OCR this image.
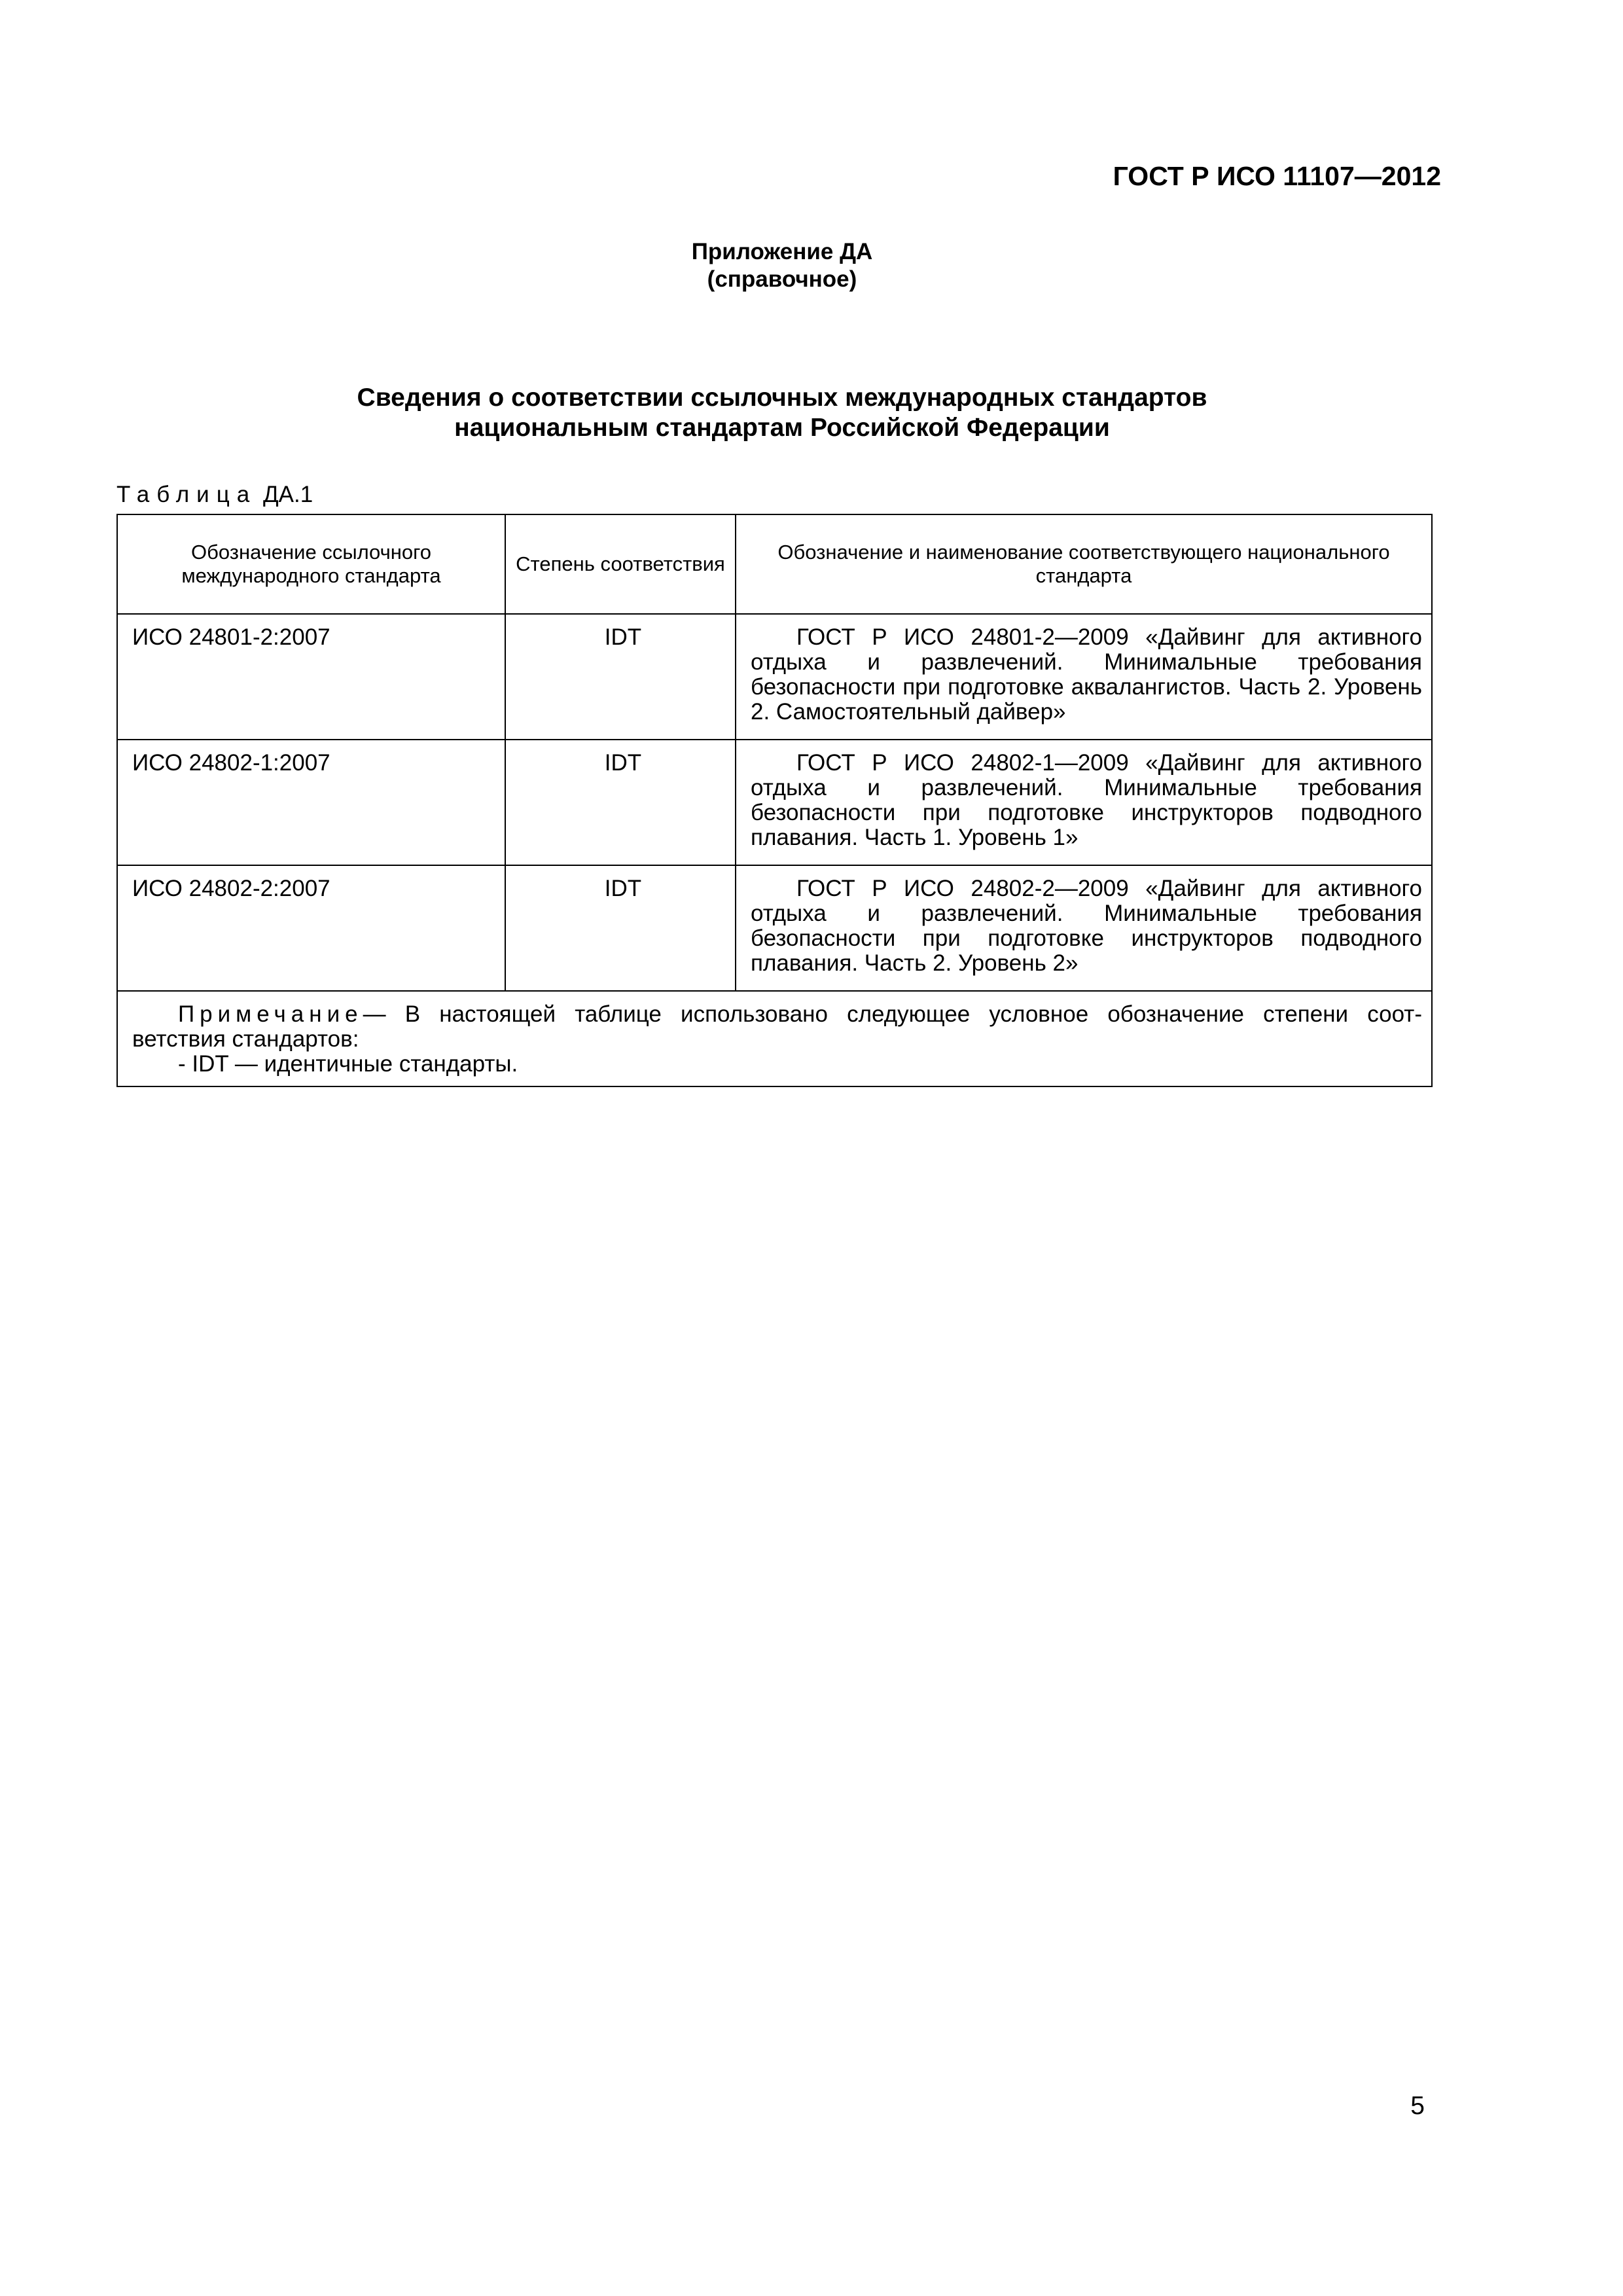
ГОСТ Р ИСО 11107—2012
Приложение ДА
(справочное)
Сведения о соответствии ссылочных международных стандартов
национальным стандартам Российской Федерации
Таблица ДА.1
Обозначение ссылочного международного стандарта	Степень соответствия	Обозначение и наименование соответствующего национального стандарта
ИСО 24801-2:2007	IDT	ГОСТ Р ИСО 24801-2—2009 «Дайвинг для активного отдыха и развлечений. Минимальные требования безопасности при подготовке аквалангистов. Часть 2. Уровень 2. Самостоятельный дайвер»
ИСО 24802-1:2007	IDT	ГОСТ Р ИСО 24802-1—2009 «Дайвинг для активного отдыха и развлечений. Минимальные требования безопасности при подготовке инструкторов подводного плавания. Часть 1. Уровень 1»
ИСО 24802-2:2007	IDT	ГОСТ Р ИСО 24802-2—2009 «Дайвинг для активного отдыха и развлечений. Минимальные требования безопасности при подготовке инструкторов подводного плавания. Часть 2. Уровень 2»

Примечание— В настоящей таблице использовано следующее условное обозначение степени соот-
ветствия стандартов:
- IDT — идентичные стандарты.		
5
